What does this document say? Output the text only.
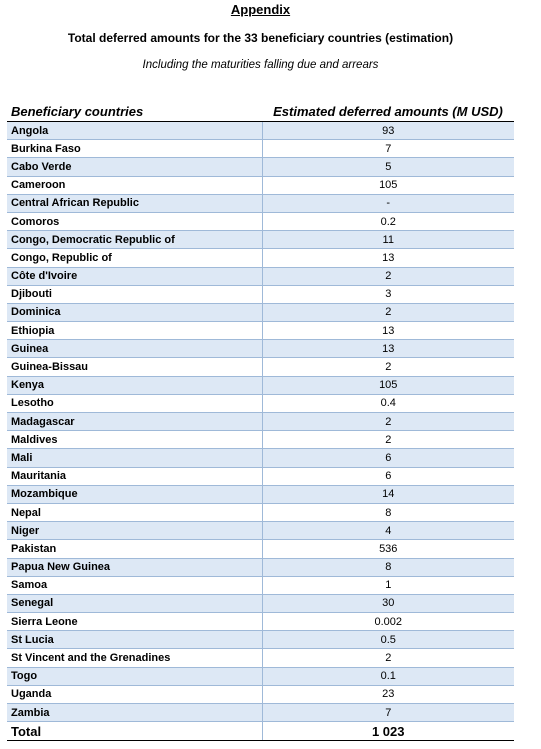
Appendix
Total deferred amounts for the 33 beneficiary countries (estimation)
Including the maturities falling due and arrears
Beneficiary countries	Estimated deferred amounts (M USD)
Angola	93
Burkina Faso	7
Cabo Verde	5
Cameroon	105
Central African Republic	-
Comoros	0.2
Congo, Democratic Republic of	11
Congo, Republic of	13
Côte d'Ivoire	2
Djibouti	3
Dominica	2
Ethiopia	13
Guinea	13
Guinea-Bissau	2
Kenya	105
Lesotho	0.4
Madagascar	2
Maldives	2
Mali	6
Mauritania	6
Mozambique	14
Nepal	8
Niger	4
Pakistan	536
Papua New Guinea	8
Samoa	1
Senegal	30
Sierra Leone	0.002
St Lucia	0.5
St Vincent and the Grenadines	2
Togo	0.1
Uganda	23
Zambia	7
Total	1 023
